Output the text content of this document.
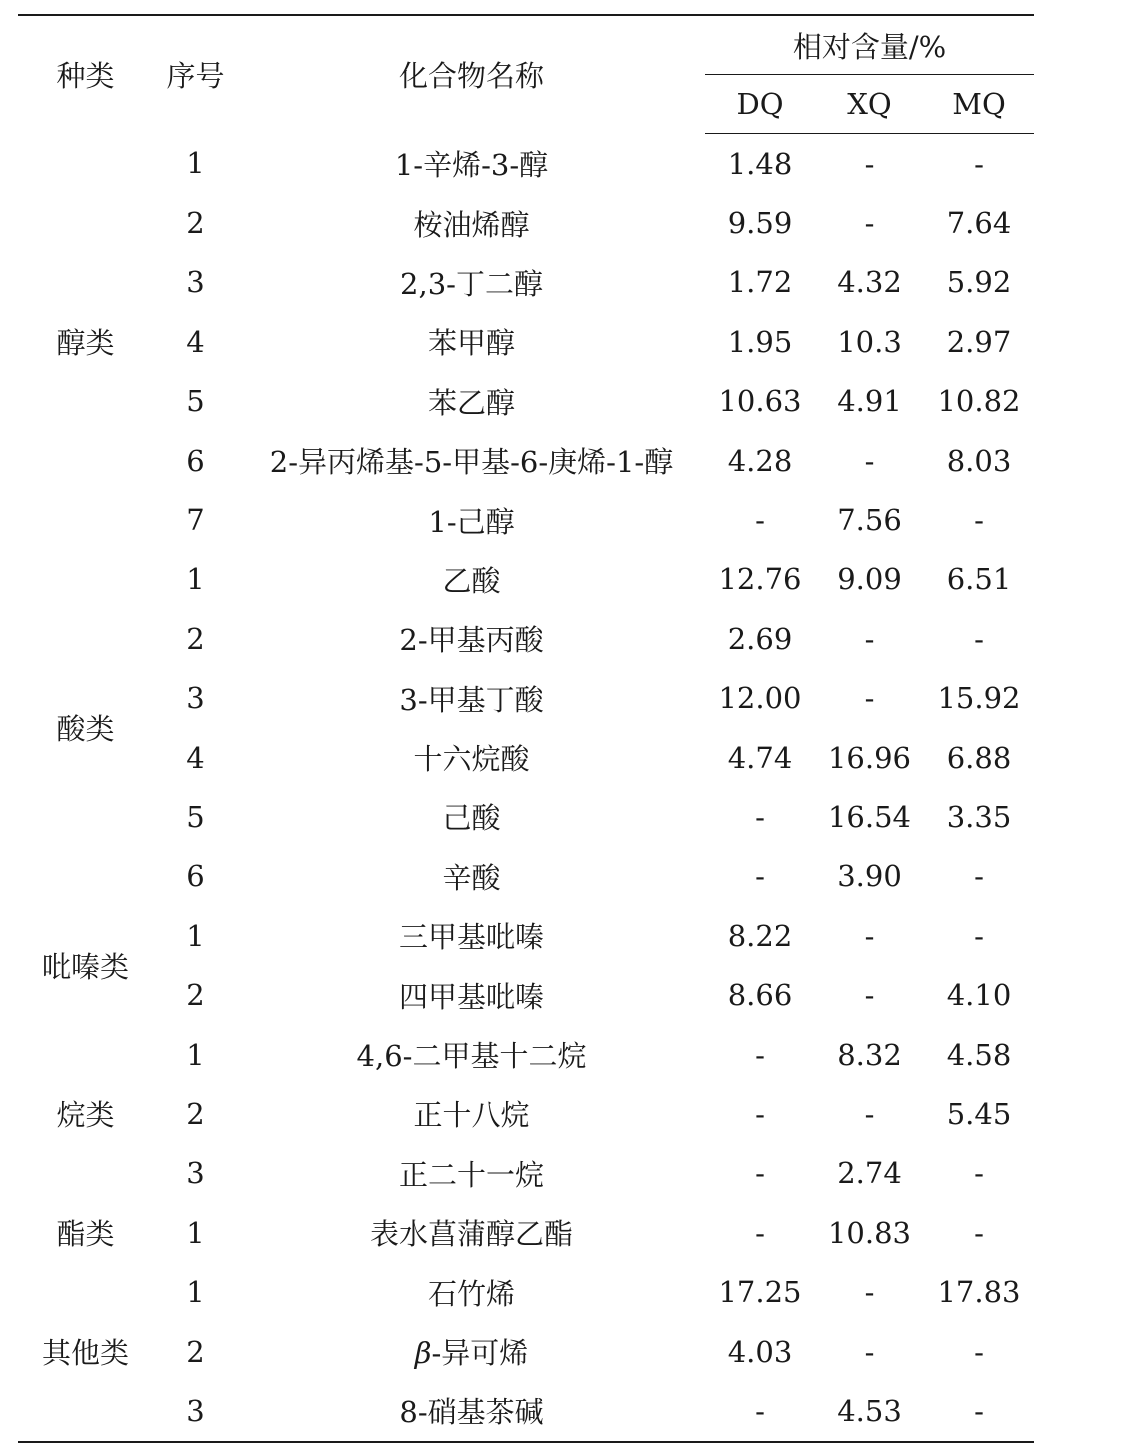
种类	序号	化合物名称	相对含量/%		
			DQ	XQ	MQ
醇类	1	1-辛烯-3-醇	1.48	-	-
	2	桉油烯醇	9.59	-	7.64
	3	2,3-丁二醇	1.72	4.32	5.92
	4	苯甲醇	1.95	10.3	2.97
	5	苯乙醇	10.63	4.91	10.82
	6	2-异丙烯基-5-甲基-6-庚烯-1-醇	4.28	-	8.03
	7	1-己醇	-	7.56	-
酸类	1	乙酸	12.76	9.09	6.51
	2	2-甲基丙酸	2.69	-	-
	3	3-甲基丁酸	12.00	-	15.92
	4	十六烷酸	4.74	16.96	6.88
	5	己酸	-	16.54	3.35
	6	辛酸	-	3.90	-
吡嗪类	1	三甲基吡嗪	8.22	-	-
	2	四甲基吡嗪	8.66	-	4.10
烷类	1	4,6-二甲基十二烷	-	8.32	4.58
	2	正十八烷	-	-	5.45
	3	正二十一烷	-	2.74	-
酯类	1	表水菖蒲醇乙酯	-	10.83	-
其他类	1	石竹烯	17.25	-	17.83
	2	β-异可烯	4.03	-	-
	3	8-硝基茶碱	-	4.53	-
